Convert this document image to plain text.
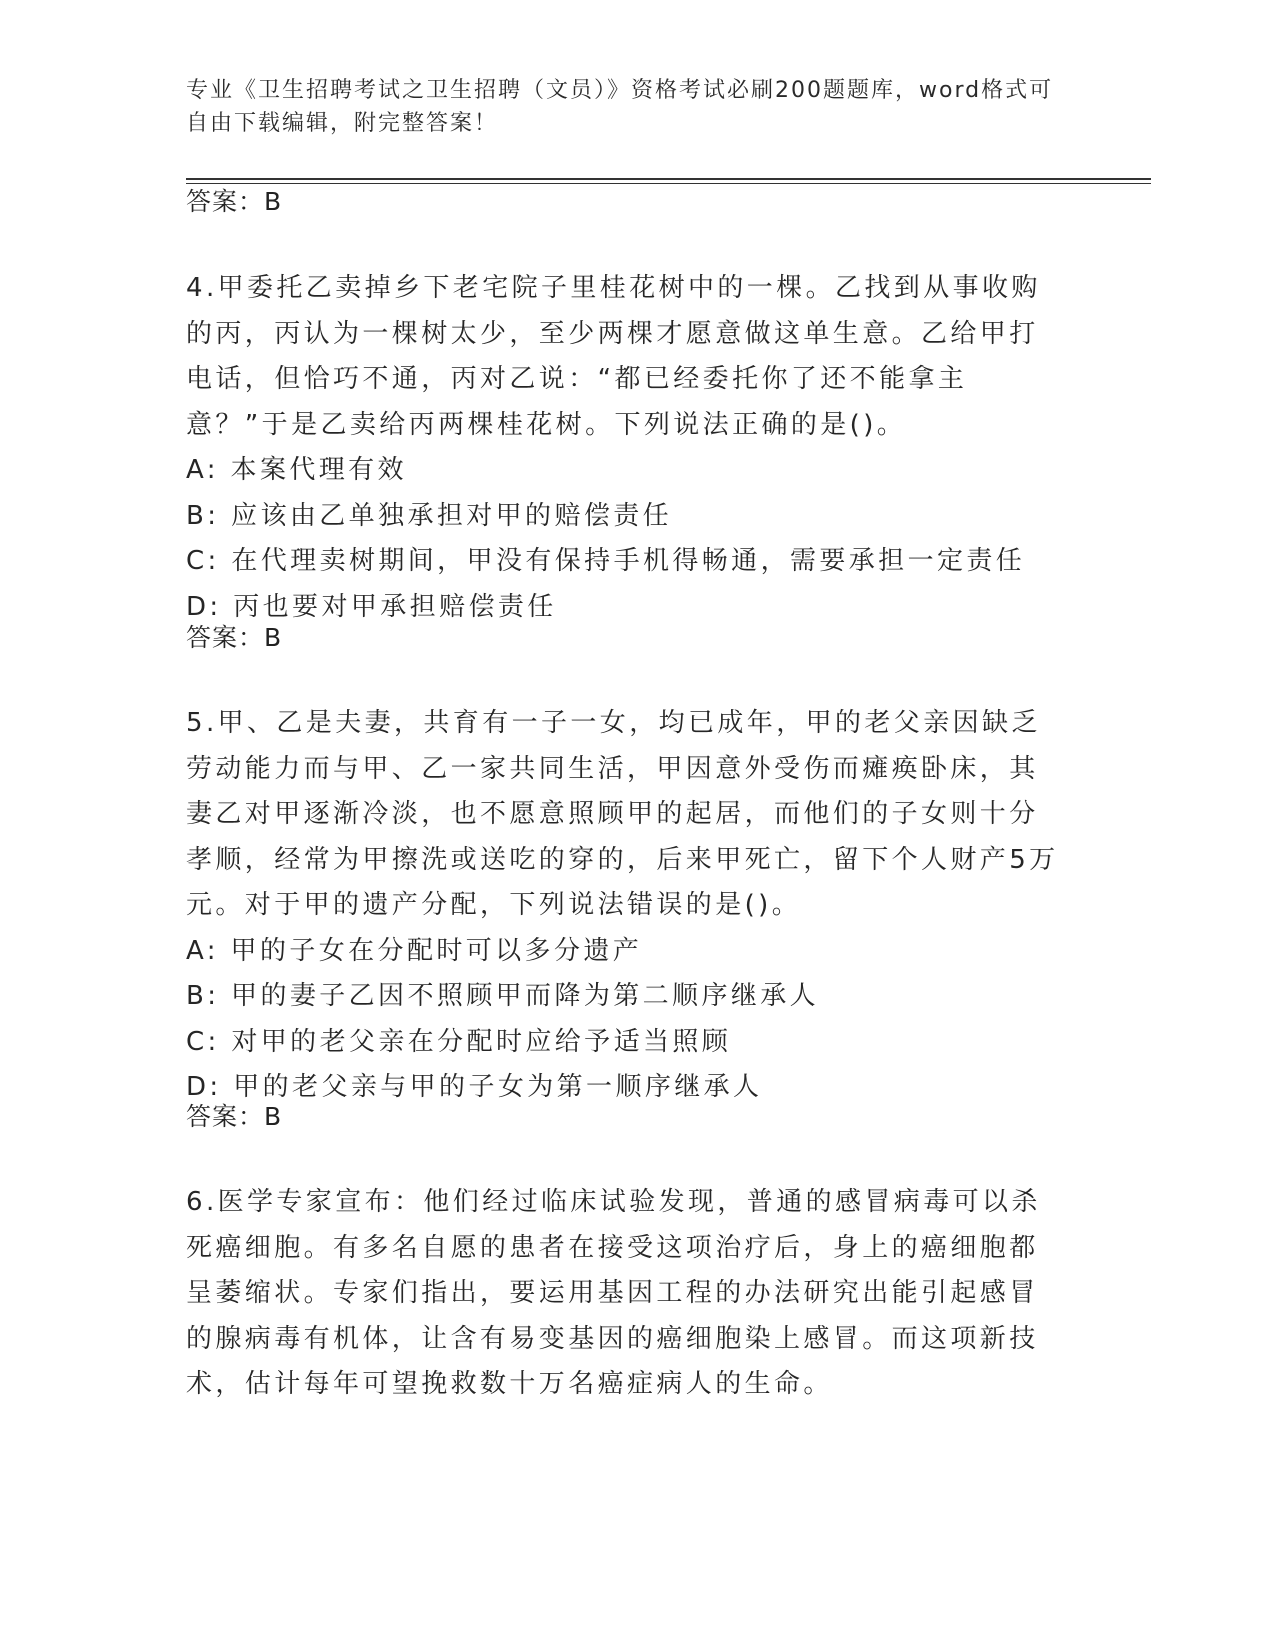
专业《卫生招聘考试之卫生招聘（文员）》资格考试必刷200题题库，word格式可自由下载编辑，附完整答案！
答案：B

4.甲委托乙卖掉乡下老宅院子里桂花树中的一棵。乙找到从事收购的丙，丙认为一棵树太少，至少两棵才愿意做这单生意。乙给甲打电话，但恰巧不通，丙对乙说：“都已经委托你了还不能拿主意？”于是乙卖给丙两棵桂花树。下列说法正确的是()。

A: 本案代理有效

B: 应该由乙单独承担对甲的赔偿责任

C: 在代理卖树期间，甲没有保持手机得畅通，需要承担一定责任

D: 丙也要对甲承担赔偿责任

答案：B

5.甲、乙是夫妻，共育有一子一女，均已成年，甲的老父亲因缺乏劳动能力而与甲、乙一家共同生活，甲因意外受伤而瘫痪卧床，其妻乙对甲逐渐冷淡，也不愿意照顾甲的起居，而他们的子女则十分孝顺，经常为甲擦洗或送吃的穿的，后来甲死亡，留下个人财产5万元。对于甲的遗产分配，下列说法错误的是()。

A: 甲的子女在分配时可以多分遗产

B: 甲的妻子乙因不照顾甲而降为第二顺序继承人

C: 对甲的老父亲在分配时应给予适当照顾

D: 甲的老父亲与甲的子女为第一顺序继承人

答案：B

6.医学专家宣布：他们经过临床试验发现，普通的感冒病毒可以杀死癌细胞。有多名自愿的患者在接受这项治疗后，身上的癌细胞都呈萎缩状。专家们指出，要运用基因工程的办法研究出能引起感冒的腺病毒有机体，让含有易变基因的癌细胞染上感冒。而这项新技术，估计每年可望挽救数十万名癌症病人的生命。
